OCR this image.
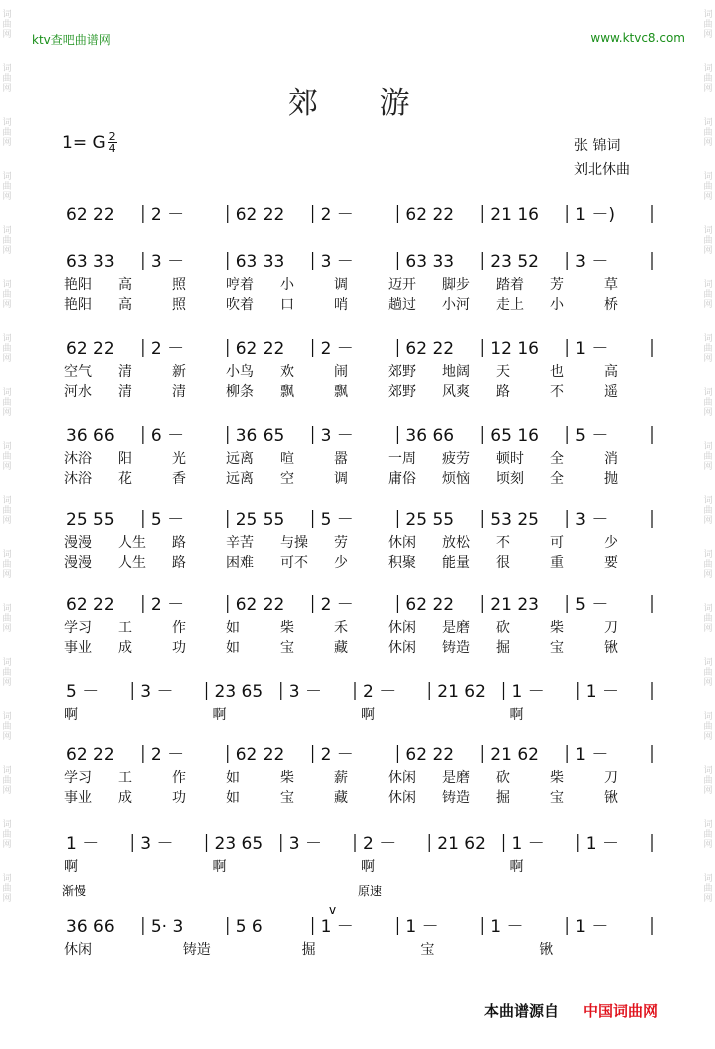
词
曲
网
词
曲
网
词
曲
网
词
曲
网
词
曲
网
词
曲
网
词
曲
网
词
曲
网
词
曲
网
词
曲
网
词
曲
网
词
曲
网
词
曲
网
词
曲
网
词
曲
网
词
曲
网
词
曲
网
词
曲
网
词
曲
网
词
曲
网
词
曲
网
词
曲
网
词
曲
网
词
曲
网
词
曲
网
词
曲
网
词
曲
网
词
曲
网
词
曲
网
词
曲
网
词
曲
网
词
曲
网
词
曲
网
词
曲
网
ktv查吧曲谱网	www.ktvc8.com
郊 游
1= G $\frac{2}{4}$	张 锦词
刘北休曲
渐慢	原速
v
62 22 2 －	62 22 2 －	62 22 21 16 1 －)
63 33 3 －	63 33 3 －	63 33 23 52 3 －
艳阳 高	照	哼着 小	调	迈开 脚步 踏着 芳	草
艳阳 高	照	吹着 口	哨	趟过 小河 走上 小	桥
62 22 2 －	62 22 2 －	62 22 12 16 1 －
空气 清	新	小鸟 欢	闹	郊野 地阔 天	也	高
河水 清	清	柳条 飘	飘	郊野 风爽 路	不	遥
36 66 6 －	36 65 3 －	36 66 65 16 5 －
沐浴 阳	光	远离 喧	嚣	一周 疲劳 顿时 全	消
沐浴 花	香	远离 空	调	庸俗 烦恼 顷刻 全	抛
25 55 5 －	25 55 5 －	25 55 53 25 3 －
漫漫 人生 路	辛苦 与操 劳	休闲 放松 不	可	少
漫漫 人生 路	困难 可不 少	积聚 能量 很	重	要
62 22 2 －	62 22 2 －	62 22 21 23 5 －
学习 工	作	如	柴	禾	休闲 是磨 砍	柴	刀
事业 成	功	如	宝	藏	休闲 铸造 掘	宝	锹
5 － 3 － 23 65 3 － 2 － 21 62 1 － 1 －
啊	啊	啊	啊
62 22 2 －	62 22 2 －	62 22 21 62 1 －
学习 工	作	如	柴	薪	休闲 是磨 砍	柴	刀
事业 成	功	如	宝	藏	休闲 铸造 掘	宝	锹
1 － 3 － 23 65 3 － 2 － 21 62 1 － 1 －
啊	啊	啊	啊
36 66 5· 3	5 6	1 －	1 －	1 －	1 －
休闲	铸造	掘	宝	锹
本曲谱源自 中国词曲网
